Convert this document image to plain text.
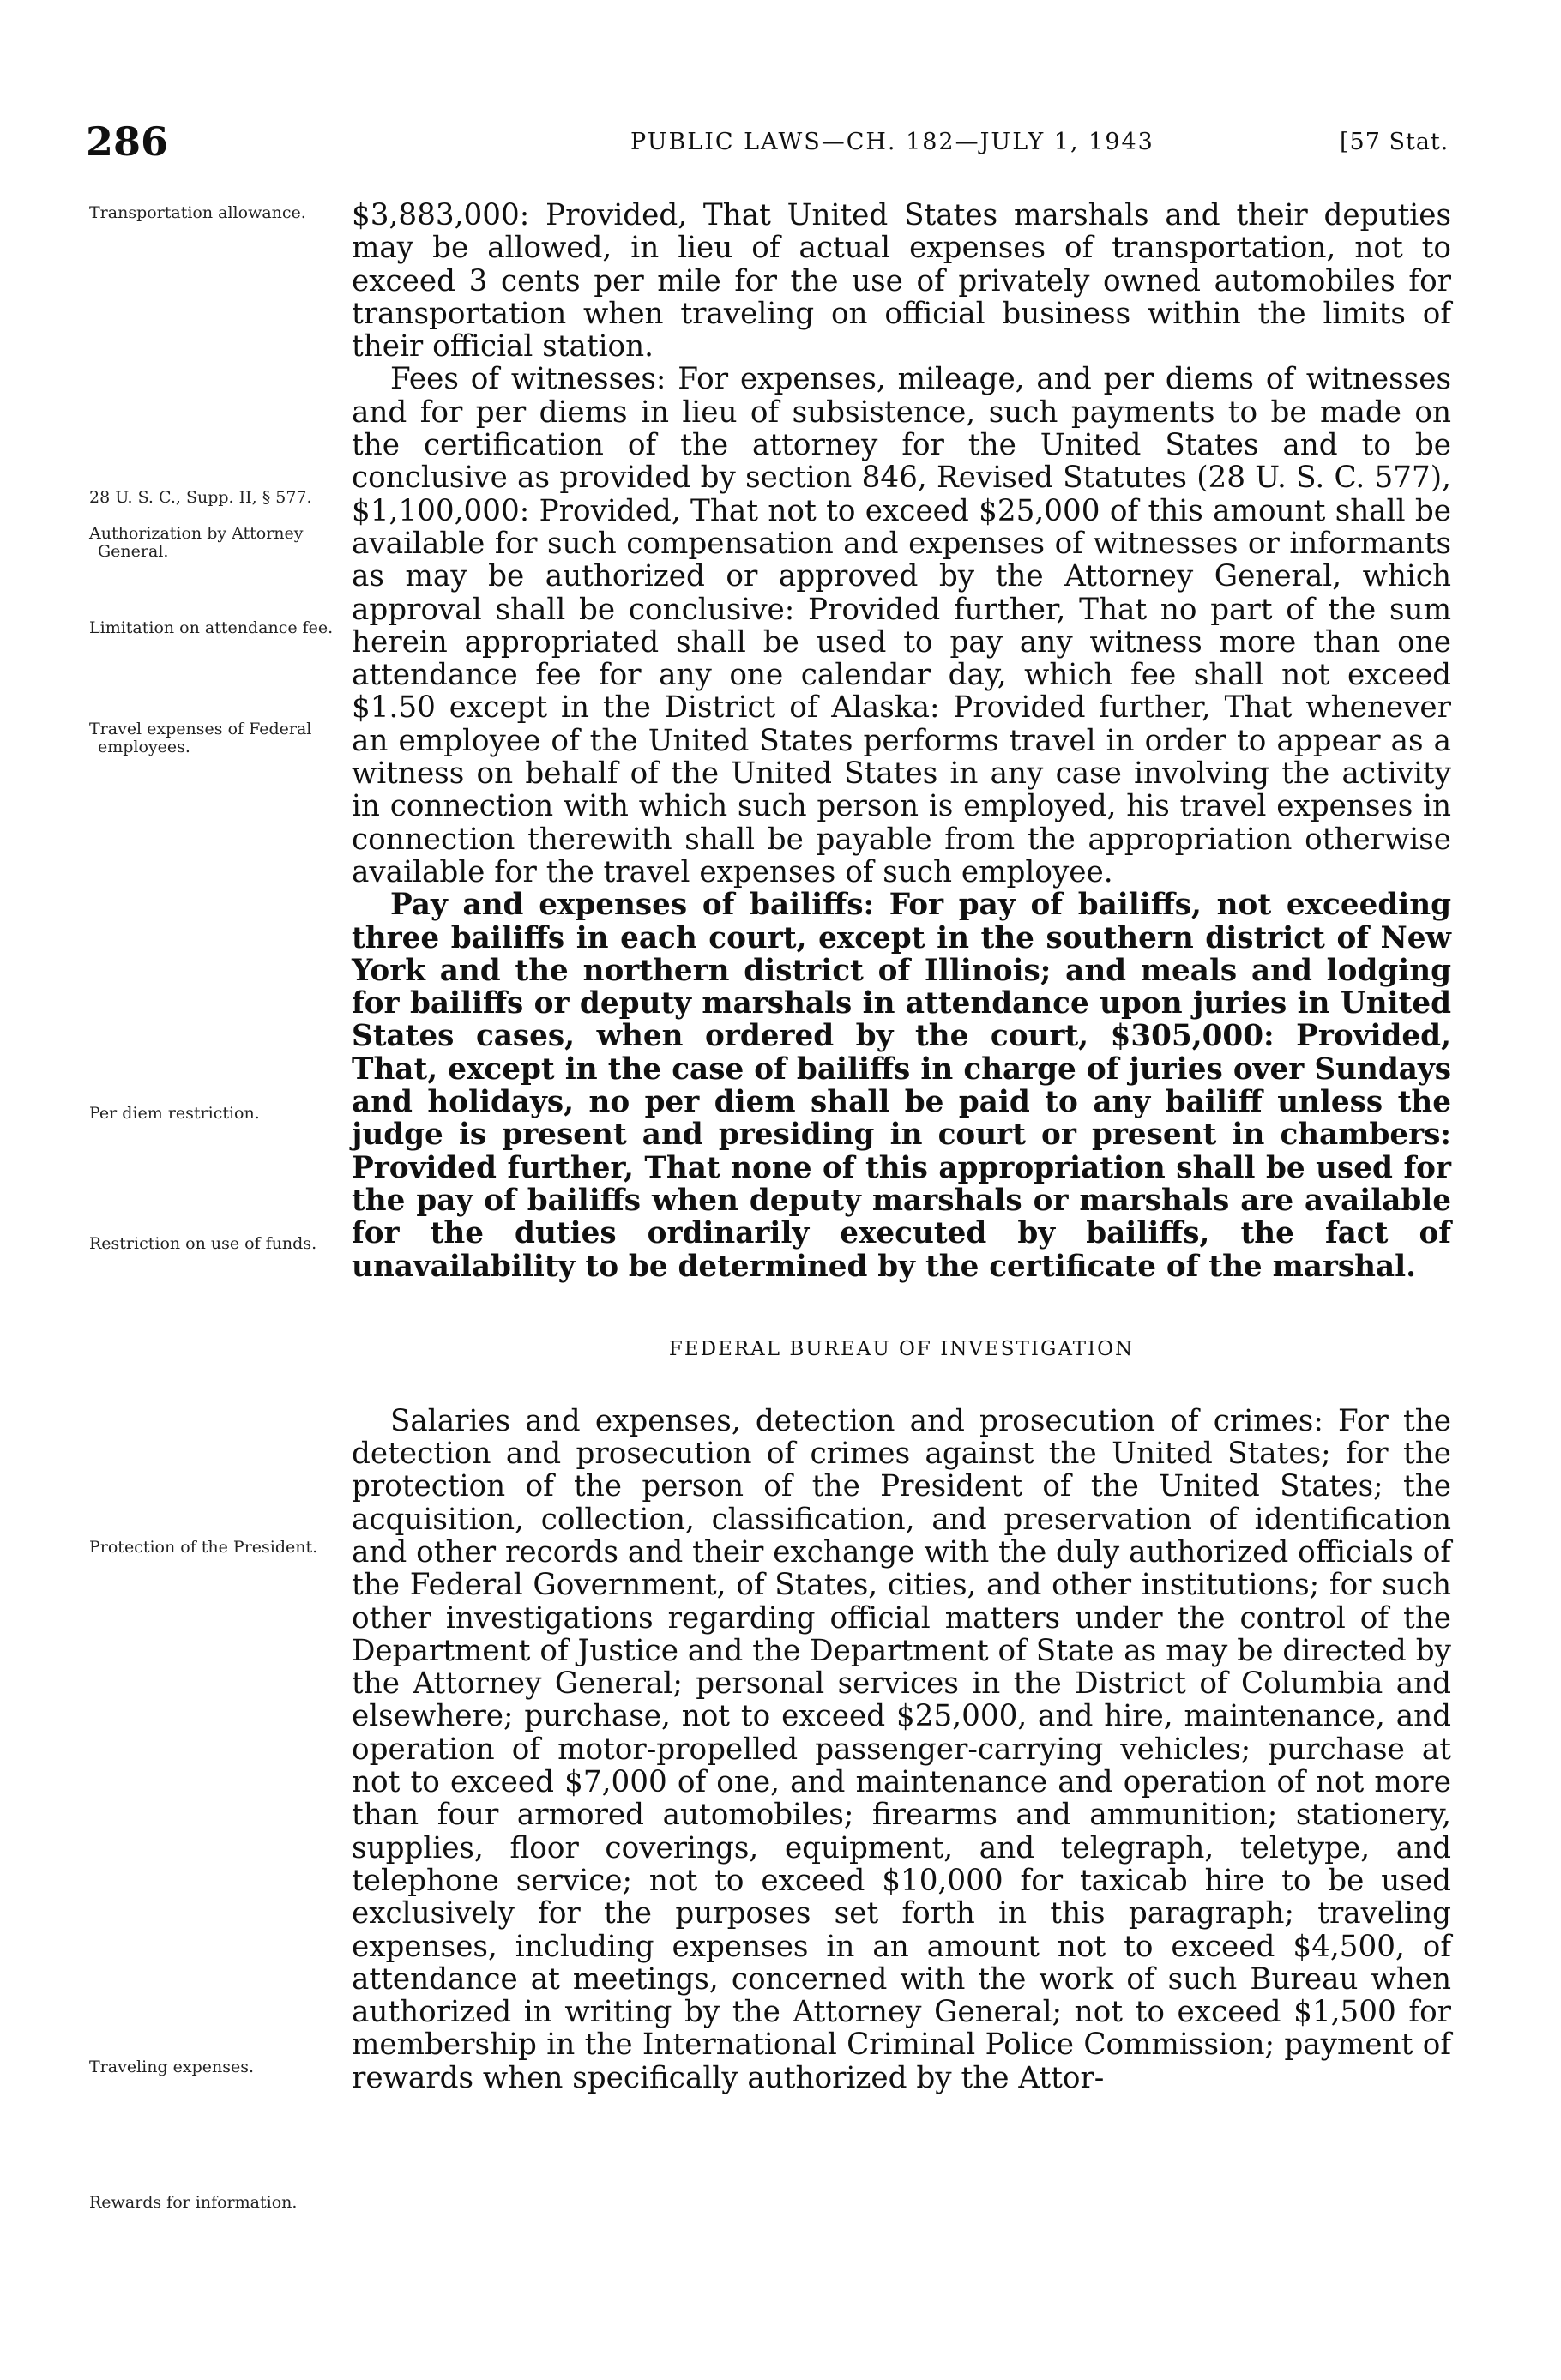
286	PUBLIC LAWS—CH. 182—JULY 1, 1943	[57 Stat.
Transportation allowance.
28 U. S. C., Supp. II, § 577.
Authorization by Attorney General.
Limitation on attendance fee.
Travel expenses of Federal employees.
Per diem restriction.
Restriction on use of funds.
Protection of the President.
Traveling expenses.
Rewards for information.

$3,883,000: Provided, That United States marshals and their deputies may be allowed, in lieu of actual expenses of transportation, not to exceed 3 cents per mile for the use of privately owned automobiles for transportation when traveling on official business within the limits of their official station.

Fees of witnesses: For expenses, mileage, and per diems of witnesses and for per diems in lieu of subsistence, such payments to be made on the certification of the attorney for the United States and to be conclusive as provided by section 846, Revised Statutes (28 U. S. C. 577), $1,100,000: Provided, That not to exceed $25,000 of this amount shall be available for such compensation and expenses of witnesses or informants as may be authorized or approved by the Attorney General, which approval shall be conclusive: Provided further, That no part of the sum herein appropriated shall be used to pay any witness more than one attendance fee for any one calendar day, which fee shall not exceed $1.50 except in the District of Alaska: Provided further, That whenever an employee of the United States performs travel in order to appear as a witness on behalf of the United States in any case involving the activity in connection with which such person is employed, his travel expenses in connection therewith shall be payable from the appropriation otherwise available for the travel expenses of such employee.

Pay and expenses of bailiffs: For pay of bailiffs, not exceeding three bailiffs in each court, except in the southern district of New York and the northern district of Illinois; and meals and lodging for bailiffs or deputy marshals in attendance upon juries in United States cases, when ordered by the court, $305,000: Provided, That, except in the case of bailiffs in charge of juries over Sundays and holidays, no per diem shall be paid to any bailiff unless the judge is present and presiding in court or present in chambers: Provided further, That none of this appropriation shall be used for the pay of bailiffs when deputy marshals or marshals are available for the duties ordinarily executed by bailiffs, the fact of unavailability to be determined by the certificate of the marshal.

FEDERAL BUREAU OF INVESTIGATION

Salaries and expenses, detection and prosecution of crimes: For the detection and prosecution of crimes against the United States; for the protection of the person of the President of the United States; the acquisition, collection, classification, and preservation of identification and other records and their exchange with the duly authorized officials of the Federal Government, of States, cities, and other institutions; for such other investigations regarding official matters under the control of the Department of Justice and the Department of State as may be directed by the Attorney General; personal services in the District of Columbia and elsewhere; purchase, not to exceed $25,000, and hire, maintenance, and operation of motor-propelled passenger-carrying vehicles; purchase at not to exceed $7,000 of one, and maintenance and operation of not more than four armored automobiles; firearms and ammunition; stationery, supplies, floor coverings, equipment, and telegraph, teletype, and telephone service; not to exceed $10,000 for taxicab hire to be used exclusively for the purposes set forth in this paragraph; traveling expenses, including expenses in an amount not to exceed $4,500, of attendance at meetings, concerned with the work of such Bureau when authorized in writing by the Attorney General; not to exceed $1,500 for membership in the International Criminal Police Commission; payment of rewards when specifically authorized by the Attor-
